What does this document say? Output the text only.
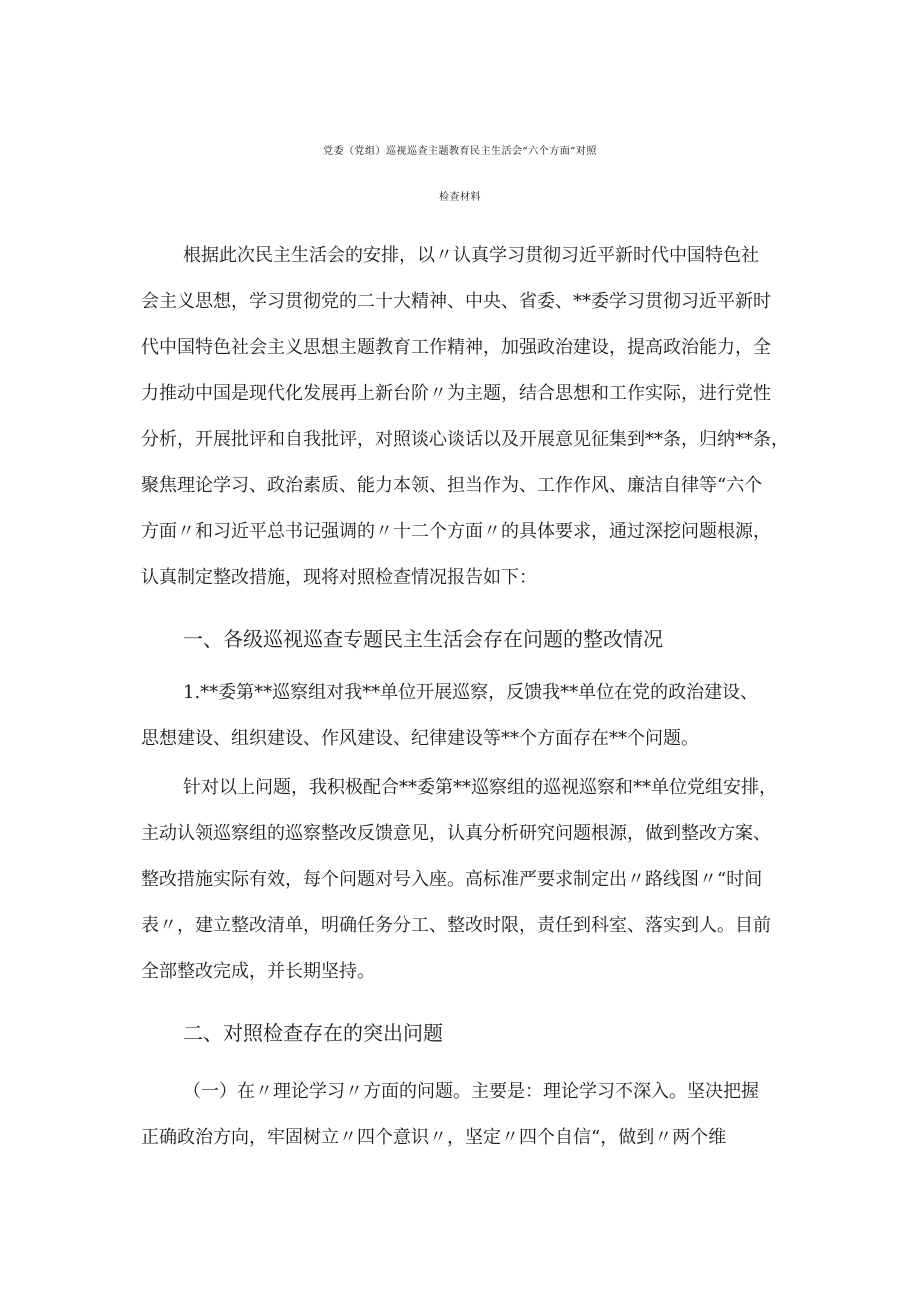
党委（党组）巡视巡查主题教育民主生活会“六个方面”对照
检查材料
根据此次民主生活会的安排，以〃认真学习贯彻习近平新时代中国特色社
会主义思想，学习贯彻党的二十大精神、中央、省委、**委学习贯彻习近平新时
代中国特色社会主义思想主题教育工作精神，加强政治建设，提高政治能力，全
力推动中国是现代化发展再上新台阶〃为主题，结合思想和工作实际，进行党性
分析，开展批评和自我批评，对照谈心谈话以及开展意见征集到**条，归纳**条，
聚焦理论学习、政治素质、能力本领、担当作为、工作作风、廉洁自律等“六个
方面〃和习近平总书记强调的〃十二个方面〃的具体要求，通过深挖问题根源，
认真制定整改措施，现将对照检查情况报告如下：
一、各级巡视巡查专题民主生活会存在问题的整改情况
1.**委第**巡察组对我**单位开展巡察，反馈我**单位在党的政治建设、
思想建设、组织建设、作风建设、纪律建设等**个方面存在**个问题。
针对以上问题，我积极配合**委第**巡察组的巡视巡察和**单位党组安排，
主动认领巡察组的巡察整改反馈意见，认真分析研究问题根源，做到整改方案、
整改措施实际有效，每个问题对号入座。高标准严要求制定出〃路线图〃“时间
表〃，建立整改清单，明确任务分工、整改时限，责任到科室、落实到人。目前
全部整改完成，并长期坚持。
二、对照检查存在的突出问题
（一）在〃理论学习〃方面的问题。主要是：理论学习不深入。坚决把握
正确政治方向，牢固树立〃四个意识〃，坚定〃四个自信“，做到〃两个维
